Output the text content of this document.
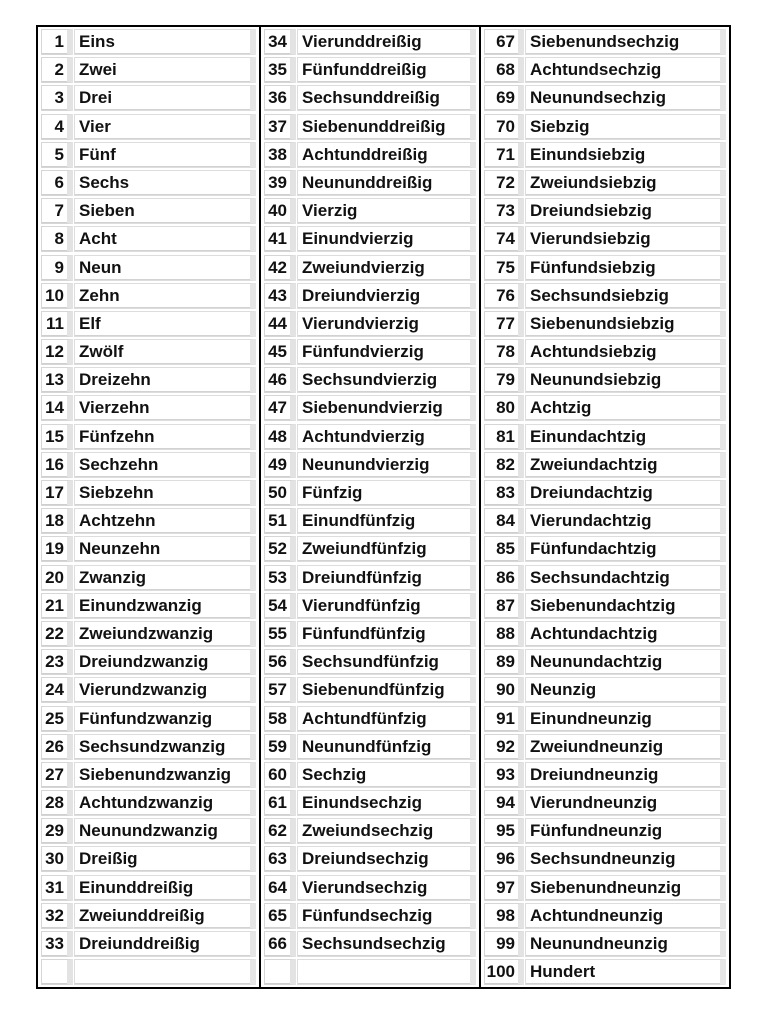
1 Eins
2 Zwei
3 Drei
4 Vier
5 Fünf
6 Sechs
7 Sieben
8 Acht
9 Neun
10 Zehn
11 Elf
12 Zwölf
13 Dreizehn
14 Vierzehn
15 Fünfzehn
16 Sechzehn
17 Siebzehn
18 Achtzehn
19 Neunzehn
20 Zwanzig
21 Einundzwanzig
22 Zweiundzwanzig
23 Dreiundzwanzig
24 Vierundzwanzig
25 Fünfundzwanzig
26 Sechsundzwanzig
27 Siebenundzwanzig
28 Achtundzwanzig
29 Neunundzwanzig
30 Dreißig
31 Einunddreißig
32 Zweiunddreißig
33 Dreiunddreißig
34 Vierunddreißig
35 Fünfunddreißig
36 Sechsunddreißig
37 Siebenunddreißig
38 Achtunddreißig
39 Neununddreißig
40 Vierzig
41 Einundvierzig
42 Zweiundvierzig
43 Dreiundvierzig
44 Vierundvierzig
45 Fünfundvierzig
46 Sechsundvierzig
47 Siebenundvierzig
48 Achtundvierzig
49 Neunundvierzig
50 Fünfzig
51 Einundfünfzig
52 Zweiundfünfzig
53 Dreiundfünfzig
54 Vierundfünfzig
55 Fünfundfünfzig
56 Sechsundfünfzig
57 Siebenundfünfzig
58 Achtundfünfzig
59 Neunundfünfzig
60 Sechzig
61 Einundsechzig
62 Zweiundsechzig
63 Dreiundsechzig
64 Vierundsechzig
65 Fünfundsechzig
66 Sechsundsechzig
67 Siebenundsechzig
68 Achtundsechzig
69 Neunundsechzig
70 Siebzig
71 Einundsiebzig
72 Zweiundsiebzig
73 Dreiundsiebzig
74 Vierundsiebzig
75 Fünfundsiebzig
76 Sechsundsiebzig
77 Siebenundsiebzig
78 Achtundsiebzig
79 Neunundsiebzig
80 Achtzig
81 Einundachtzig
82 Zweiundachtzig
83 Dreiundachtzig
84 Vierundachtzig
85 Fünfundachtzig
86 Sechsundachtzig
87 Siebenundachtzig
88 Achtundachtzig
89 Neunundachtzig
90 Neunzig
91 Einundneunzig
92 Zweiundneunzig
93 Dreiundneunzig
94 Vierundneunzig
95 Fünfundneunzig
96 Sechsundneunzig
97 Siebenundneunzig
98 Achtundneunzig
99 Neunundneunzig
100 Hundert
